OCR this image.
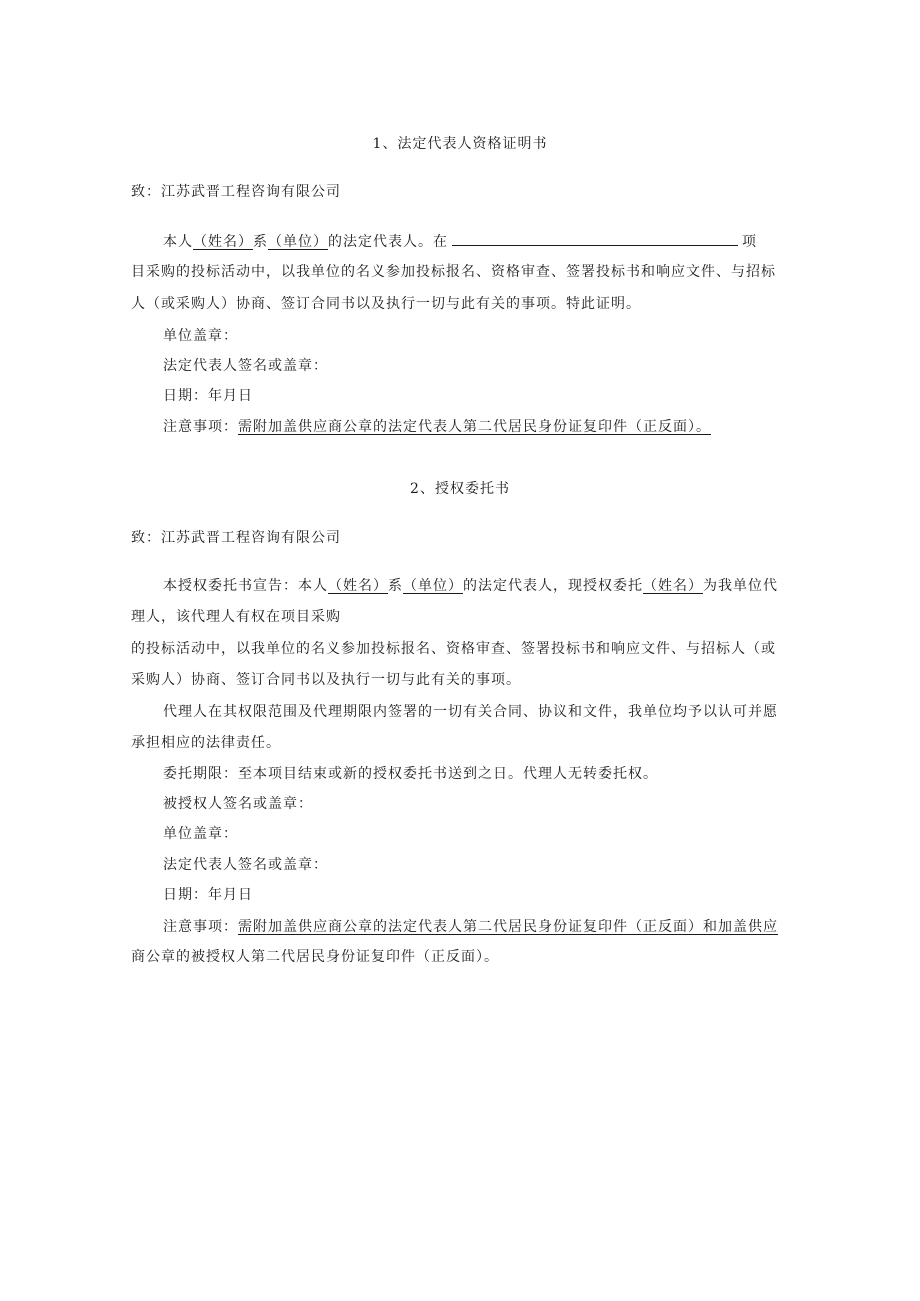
1、法定代表人资格证明书
致：江苏武晋工程咨询有限公司
本人（姓名）系（单位）的法定代表人。在	项
目采购的投标活动中，以我单位的名义参加投标报名、资格审查、签署投标书和响应文件、与招标
人（或采购人）协商、签订合同书以及执行一切与此有关的事项。特此证明。
单位盖章：
法定代表人签名或盖章：
日期：年月日
注意事项：需附加盖供应商公章的法定代表人第二代居民身份证复印件（正反面）。
2、授权委托书
致：江苏武晋工程咨询有限公司
本授权委托书宣告：本人（姓名）系（单位）的法定代表人，现授权委托（姓名）为我单位代
理人，该代理人有权在项目采购
的投标活动中，以我单位的名义参加投标报名、资格审查、签署投标书和响应文件、与招标人（或
采购人）协商、签订合同书以及执行一切与此有关的事项。
代理人在其权限范围及代理期限内签署的一切有关合同、协议和文件，我单位均予以认可并愿
承担相应的法律责任。
委托期限：至本项目结束或新的授权委托书送到之日。代理人无转委托权。
被授权人签名或盖章：
单位盖章：
法定代表人签名或盖章：
日期：年月日
注意事项：需附加盖供应商公章的法定代表人第二代居民身份证复印件（正反面）和加盖供应
商公章的被授权人第二代居民身份证复印件（正反面）。
